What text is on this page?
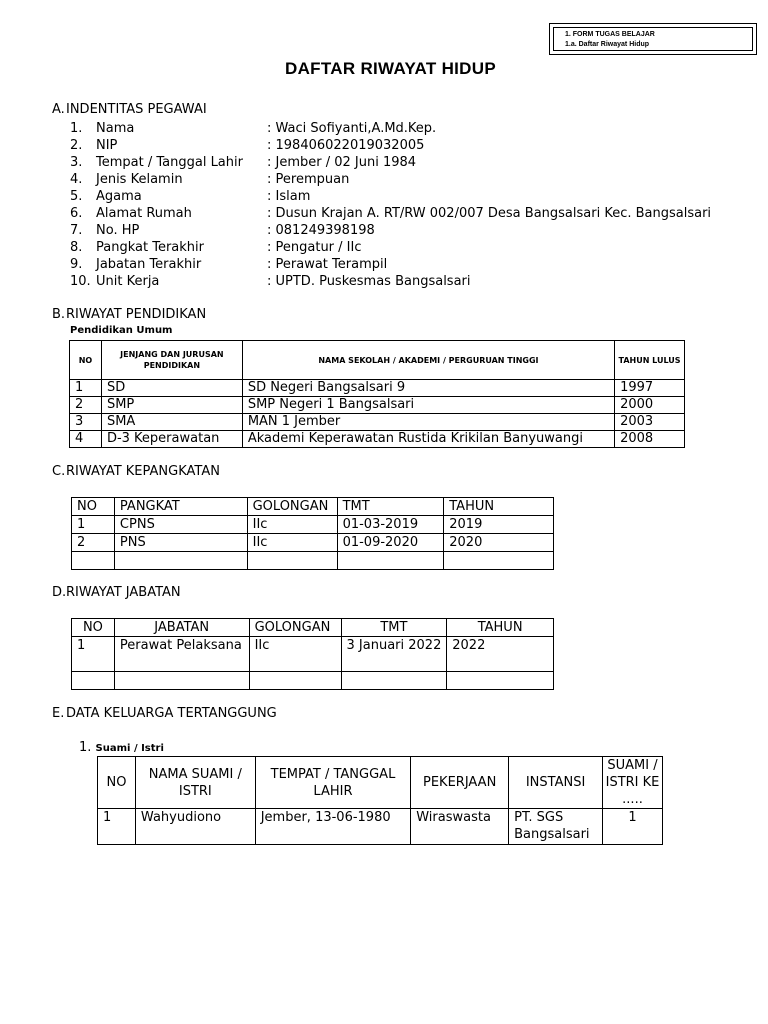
1. FORM TUGAS BELAJAR
1.a. Daftar Riwayat Hidup
DAFTAR RIWAYAT HIDUP
A.INDENTITAS PEGAWAI
1.	Nama	: Waci Sofiyanti,A.Md.Kep.
2.	NIP	: 198406022019032005
3.	Tempat / Tanggal Lahir : Jember / 02 Juni 1984
4.	Jenis Kelamin	: Perempuan
5.	Agama	: Islam
6.	Alamat Rumah	: Dusun Krajan A. RT/RW 002/007 Desa Bangsalsari Kec. Bangsalsari
7.	No. HP	: 081249398198
8.	Pangkat Terakhir	: Pengatur / IIc
9.	Jabatan Terakhir	: Perawat Terampil
10. Unit Kerja	: UPTD. Puskesmas Bangsalsari
B.RIWAYAT PENDIDIKAN
Pendidikan Umum
NO	JENJANG DAN JURUSAN PENDIDIKAN	NAMA SEKOLAH / AKADEMI / PERGURUAN TINGGI	TAHUN LULUS
1	SD	SD Negeri Bangsalsari 9	1997
2	SMP	SMP Negeri 1 Bangsalsari	2000
3	SMA	MAN 1 Jember	2003
4	D-3 Keperawatan	Akademi Keperawatan Rustida Krikilan Banyuwangi	2008
C.RIWAYAT KEPANGKATAN
NO	PANGKAT	GOLONGAN	TMT	TAHUN
1	CPNS	IIc	01-03-2019	2019
2	PNS	IIc	01-09-2020	2020

D.RIWAYAT JABATAN
NO	JABATAN	GOLONGAN	TMT	TAHUN
1	Perawat Pelaksana	IIc	3 Januari 2022	2022

E. DATA KELUARGA TERTANGGUNG
1. Suami / Istri
NO	NAMA SUAMI / ISTRI	TEMPAT / TANGGAL LAHIR	PEKERJAAN	INSTANSI	SUAMI / ISTRI KE .....
1	Wahyudiono	Jember, 13-06-1980	Wiraswasta	PT. SGS Bangsalsari	1
